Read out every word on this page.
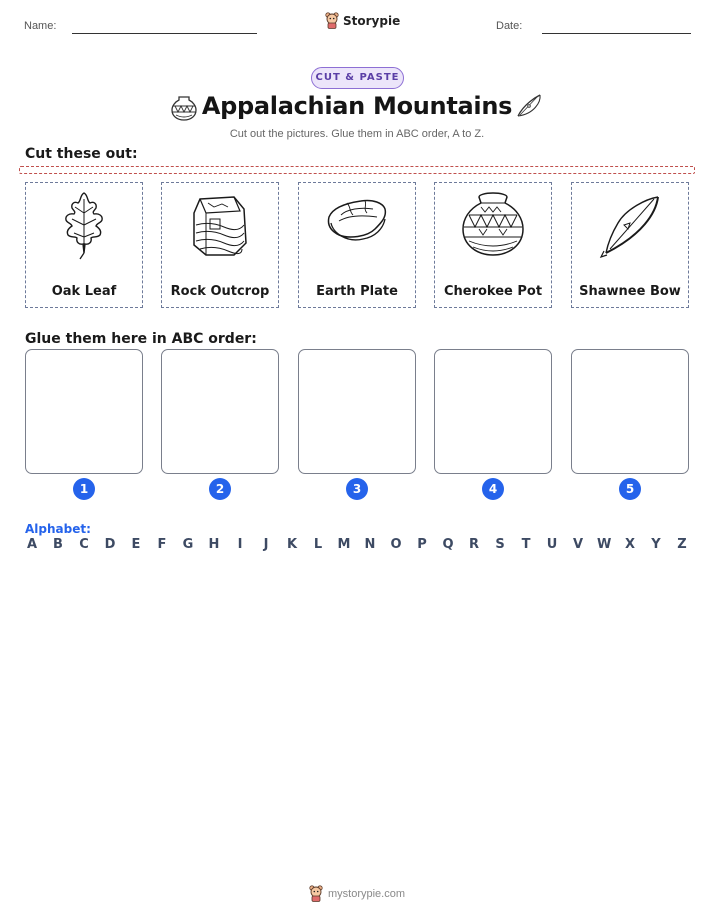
Name:	Storypie	Date:
CUT & PASTE
Appalachian Mountains
Cut out the pictures. Glue them in ABC order, A to Z.
Cut these out:
Oak Leaf	Rock Outcrop	Earth Plate	Cherokee Pot	Shawnee Bow
Glue them here in ABC order:
1	2	3	4	5
Alphabet:
A B C D E F G H	I	J	K L M N O P Q R S T U V W X Y Z
mystorypie.com
